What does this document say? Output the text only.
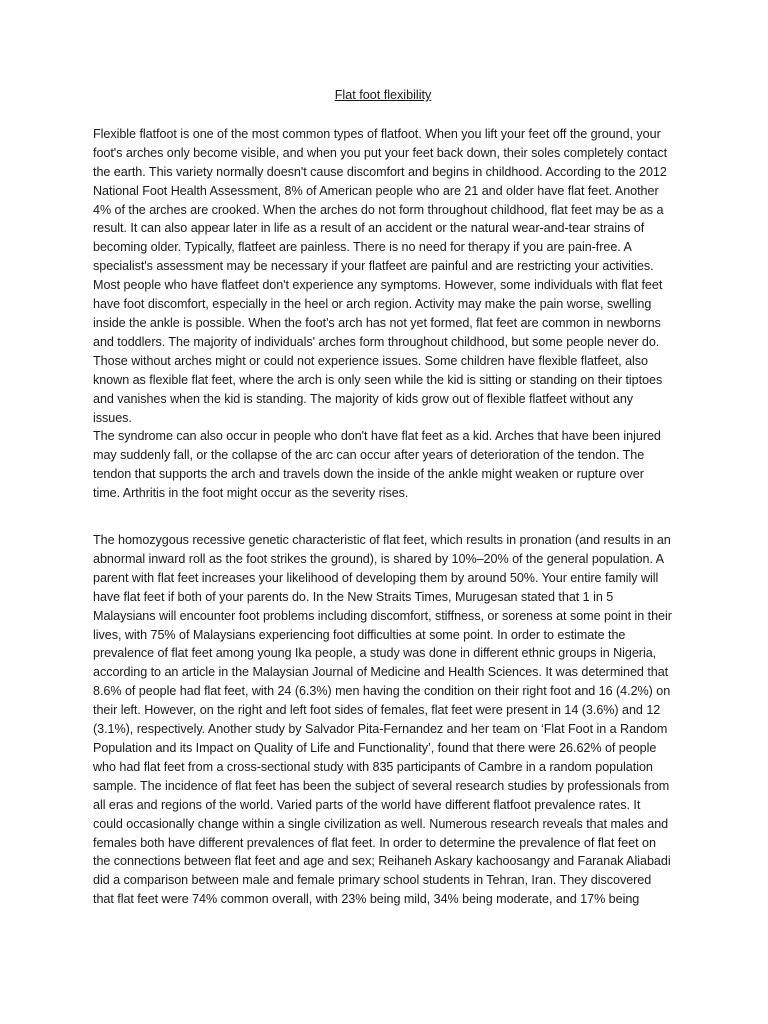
Flat foot flexibility

Flexible flatfoot is one of the most common types of flatfoot. When you lift your feet off the ground, your foot's arches only become visible, and when you put your feet back down, their soles completely contact the earth. This variety normally doesn't cause discomfort and begins in childhood. According to the 2012 National Foot Health Assessment, 8% of American people who are 21 and older have flat feet. Another 4% of the arches are crooked. When the arches do not form throughout childhood, flat feet may be as a result. It can also appear later in life as a result of an accident or the natural wear-and-tear strains of becoming older. Typically, flatfeet are painless. There is no need for therapy if you are pain-free. A specialist's assessment may be necessary if your flatfeet are painful and are restricting your activities. Most people who have flatfeet don't experience any symptoms. However, some individuals with flat feet have foot discomfort, especially in the heel or arch region. Activity may make the pain worse, swelling inside the ankle is possible. When the foot's arch has not yet formed, flat feet are common in newborns and toddlers. The majority of individuals' arches form throughout childhood, but some people never do. Those without arches might or could not experience issues. Some children have flexible flatfeet, also known as flexible flat feet, where the arch is only seen while the kid is sitting or standing on their tiptoes and vanishes when the kid is standing. The majority of kids grow out of flexible flatfeet without any issues.

The syndrome can also occur in people who don't have flat feet as a kid. Arches that have been injured may suddenly fall, or the collapse of the arc can occur after years of deterioration of the tendon. The tendon that supports the arch and travels down the inside of the ankle might weaken or rupture over time. Arthritis in the foot might occur as the severity rises.

The homozygous recessive genetic characteristic of flat feet, which results in pronation (and results in an abnormal inward roll as the foot strikes the ground), is shared by 10%–20% of the general population. A parent with flat feet increases your likelihood of developing them by around 50%. Your entire family will have flat feet if both of your parents do. In the New Straits Times, Murugesan stated that 1 in 5 Malaysians will encounter foot problems including discomfort, stiffness, or soreness at some point in their lives, with 75% of Malaysians experiencing foot difficulties at some point. In order to estimate the prevalence of flat feet among young Ika people, a study was done in different ethnic groups in Nigeria, according to an article in the Malaysian Journal of Medicine and Health Sciences. It was determined that 8.6% of people had flat feet, with 24 (6.3%) men having the condition on their right foot and 16 (4.2%) on their left. However, on the right and left foot sides of females, flat feet were present in 14 (3.6%) and 12 (3.1%), respectively. Another study by Salvador Pita-Fernandez and her team on ‘Flat Foot in a Random Population and its Impact on Quality of Life and Functionality’, found that there were 26.62% of people who had flat feet from a cross-sectional study with 835 participants of Cambre in a random population sample. The incidence of flat feet has been the subject of several research studies by professionals from all eras and regions of the world. Varied parts of the world have different flatfoot prevalence rates. It could occasionally change within a single civilization as well. Numerous research reveals that males and females both have different prevalences of flat feet. In order to determine the prevalence of flat feet on the connections between flat feet and age and sex; Reihaneh Askary kachoosangy and Faranak Aliabadi did a comparison between male and female primary school students in Tehran, Iran. They discovered that flat feet were 74% common overall, with 23% being mild, 34% being moderate, and 17% being
